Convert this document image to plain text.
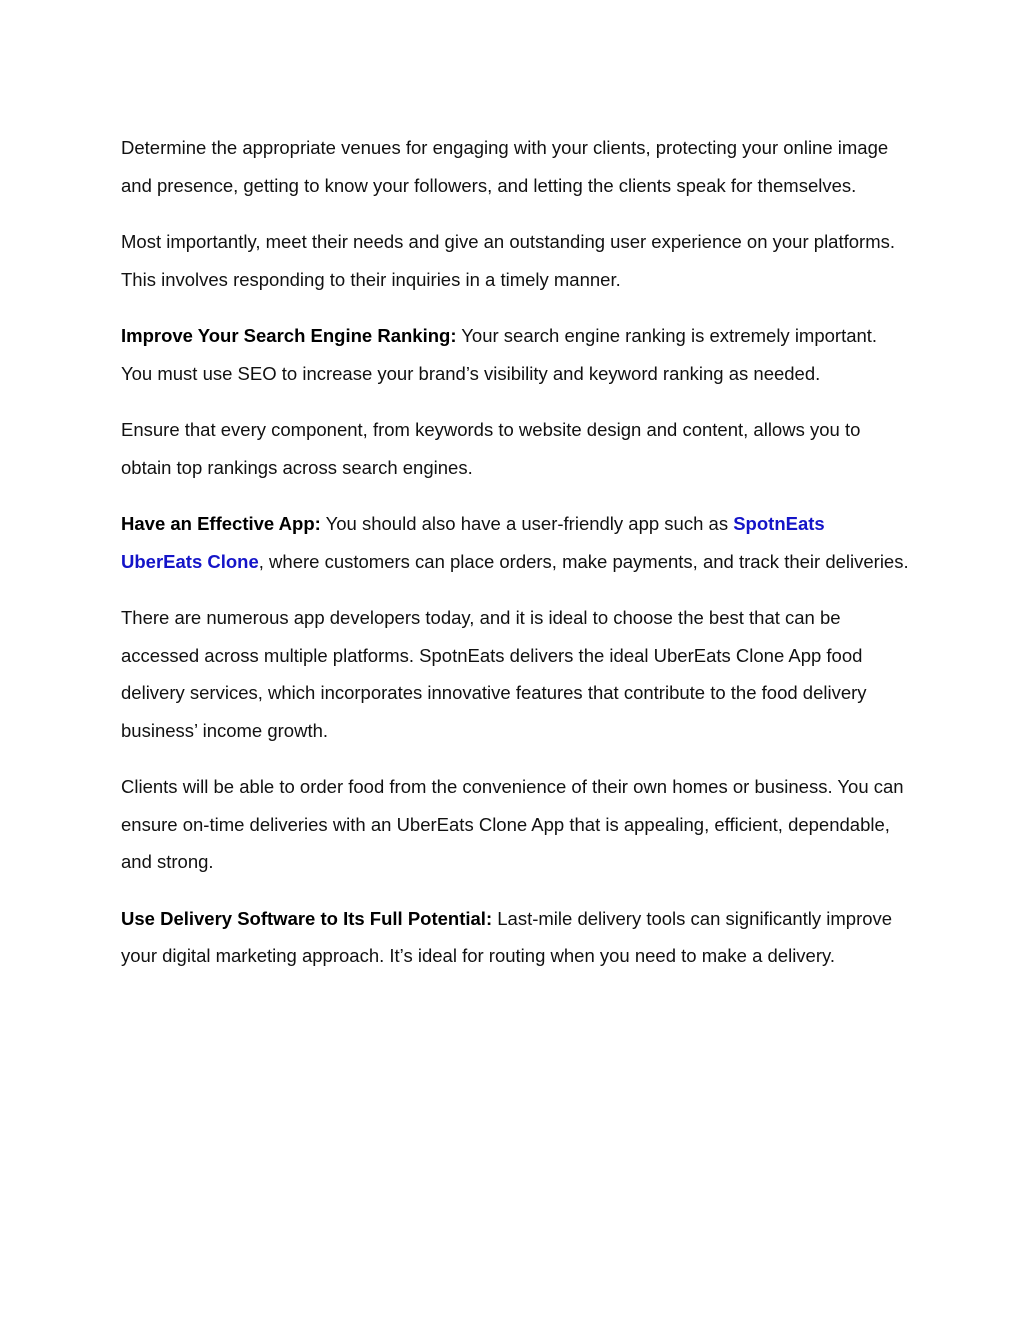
Determine the appropriate venues for engaging with your clients, protecting your online image and presence, getting to know your followers, and letting the clients speak for themselves.

Most importantly, meet their needs and give an outstanding user experience on your platforms. This involves responding to their inquiries in a timely manner.

Improve Your Search Engine Ranking: Your search engine ranking is extremely important. You must use SEO to increase your brand’s visibility and keyword ranking as needed.

Ensure that every component, from keywords to website design and content, allows you to obtain top rankings across search engines.

Have an Effective App: You should also have a user-friendly app such as SpotnEats UberEats Clone, where customers can place orders, make payments, and track their deliveries.

There are numerous app developers today, and it is ideal to choose the best that can be accessed across multiple platforms. SpotnEats delivers the ideal UberEats Clone App food delivery services, which incorporates innovative features that contribute to the food delivery business’ income growth.

Clients will be able to order food from the convenience of their own homes or business. You can ensure on-time deliveries with an UberEats Clone App that is appealing, efficient, dependable, and strong.

Use Delivery Software to Its Full Potential: Last-mile delivery tools can significantly improve your digital marketing approach. It’s ideal for routing when you need to make a delivery.
